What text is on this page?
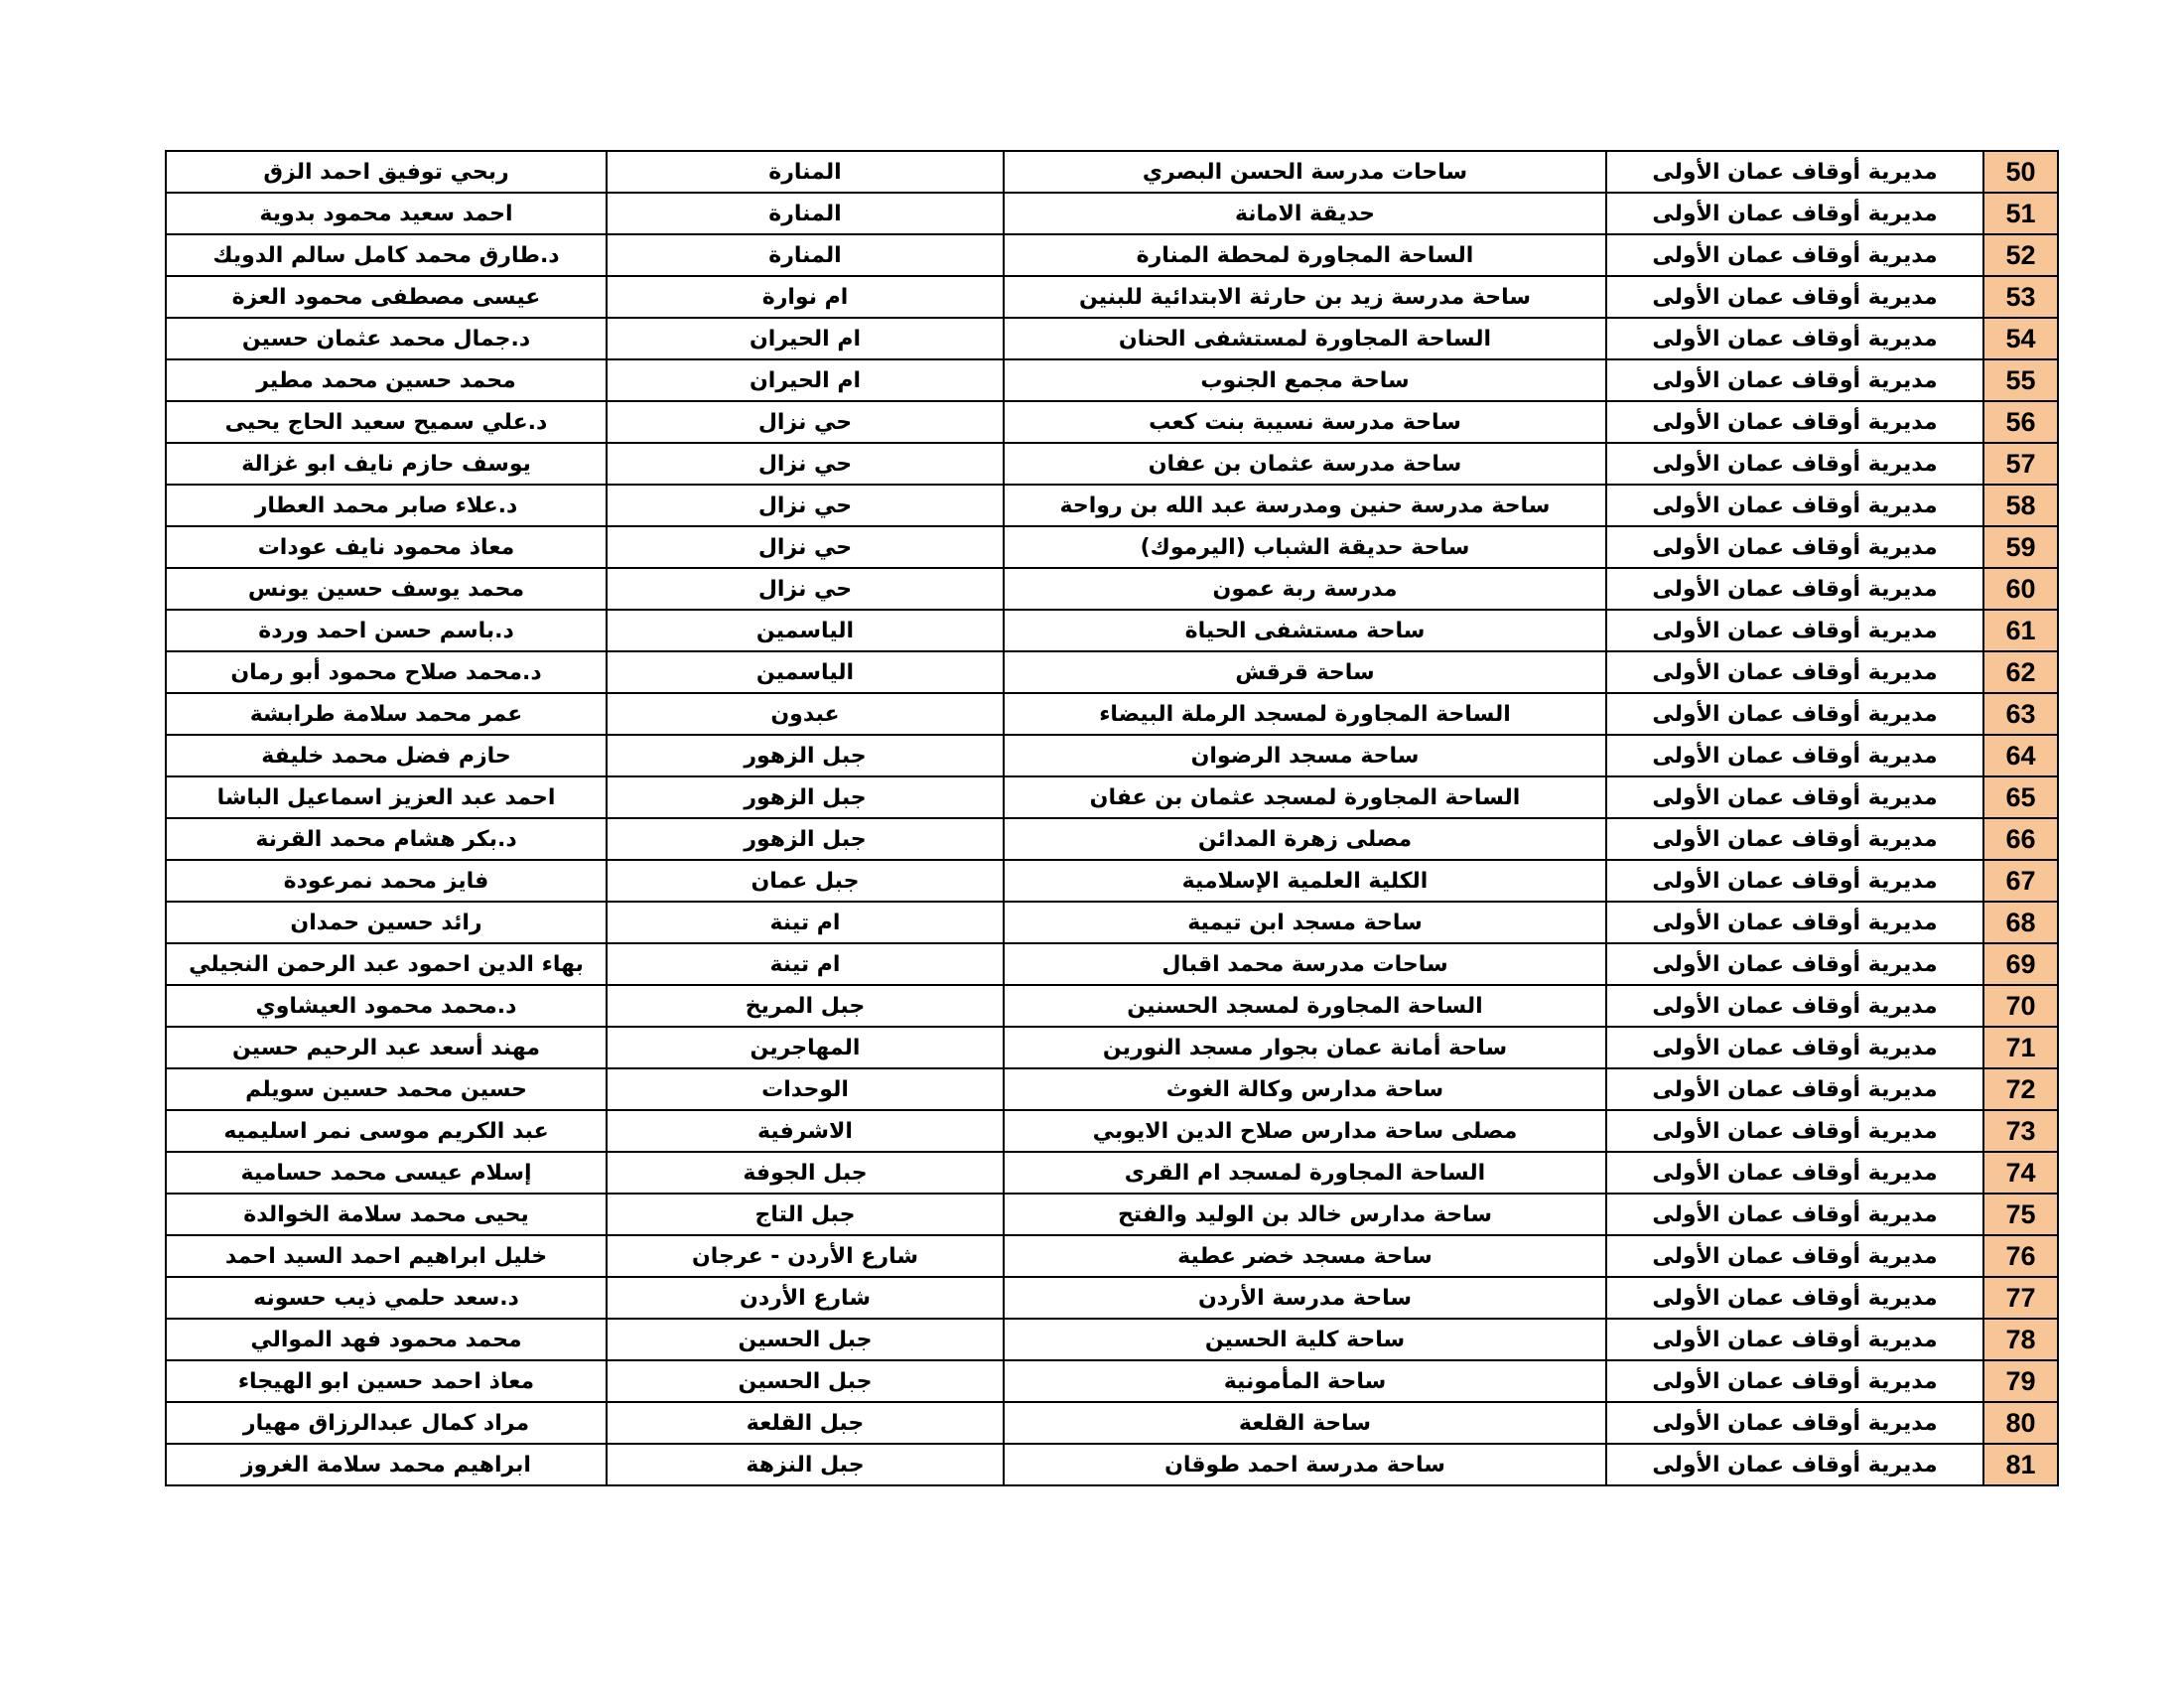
50	مديرية أوقاف عمان الأولى	ساحات مدرسة الحسن البصري	المنارة	ربحي توفيق احمد الزق
51	مديرية أوقاف عمان الأولى	حديقة الامانة	المنارة	احمد سعيد محمود بدوية
52	مديرية أوقاف عمان الأولى	الساحة المجاورة لمحطة المنارة	المنارة	د.طارق محمد كامل سالم الدويك
53	مديرية أوقاف عمان الأولى	ساحة مدرسة زيد بن حارثة الابتدائية للبنين	ام نوارة	عيسى مصطفى محمود العزة
54	مديرية أوقاف عمان الأولى	الساحة المجاورة لمستشفى الحنان	ام الحيران	د.جمال محمد عثمان حسين
55	مديرية أوقاف عمان الأولى	ساحة مجمع الجنوب	ام الحيران	محمد حسين محمد مطير
56	مديرية أوقاف عمان الأولى	ساحة مدرسة نسيبة بنت كعب	حي نزال	د.علي سميح سعيد الحاج يحيى
57	مديرية أوقاف عمان الأولى	ساحة مدرسة عثمان بن عفان	حي نزال	يوسف حازم نايف ابو غزالة
58	مديرية أوقاف عمان الأولى	ساحة مدرسة حنين ومدرسة عبد الله بن رواحة	حي نزال	د.علاء صابر محمد العطار
59	مديرية أوقاف عمان الأولى	ساحة حديقة الشباب (اليرموك)	حي نزال	معاذ محمود نايف عودات
60	مديرية أوقاف عمان الأولى	مدرسة ربة عمون	حي نزال	محمد يوسف حسين يونس
61	مديرية أوقاف عمان الأولى	ساحة مستشفى الحياة	الياسمين	د.باسم حسن احمد وردة
62	مديرية أوقاف عمان الأولى	ساحة قرقش	الياسمين	د.محمد صلاح محمود أبو رمان
63	مديرية أوقاف عمان الأولى	الساحة المجاورة لمسجد الرملة البيضاء	عبدون	عمر محمد سلامة طرابشة
64	مديرية أوقاف عمان الأولى	ساحة مسجد الرضوان	جبل الزهور	حازم فضل محمد خليفة
65	مديرية أوقاف عمان الأولى	الساحة المجاورة لمسجد عثمان بن عفان	جبل الزهور	احمد عبد العزيز اسماعيل الباشا
66	مديرية أوقاف عمان الأولى	مصلى زهرة المدائن	جبل الزهور	د.بكر هشام محمد القرنة
67	مديرية أوقاف عمان الأولى	الكلية العلمية الإسلامية	جبل عمان	فايز محمد نمرعودة
68	مديرية أوقاف عمان الأولى	ساحة مسجد ابن تيمية	ام تينة	رائد حسين حمدان
69	مديرية أوقاف عمان الأولى	ساحات مدرسة محمد اقبال	ام تينة	بهاء الدين احمود عبد الرحمن النجيلي
70	مديرية أوقاف عمان الأولى	الساحة المجاورة لمسجد الحسنين	جبل المريخ	د.محمد محمود العيشاوي
71	مديرية أوقاف عمان الأولى	ساحة أمانة عمان بجوار مسجد النورين	المهاجرين	مهند أسعد عبد الرحيم حسين
72	مديرية أوقاف عمان الأولى	ساحة مدارس وكالة الغوث	الوحدات	حسين محمد حسين سويلم
73	مديرية أوقاف عمان الأولى	مصلى ساحة مدارس صلاح الدين الايوبي	الاشرفية	عبد الكريم موسى نمر اسليميه
74	مديرية أوقاف عمان الأولى	الساحة المجاورة لمسجد ام القرى	جبل الجوفة	إسلام عيسى محمد حسامية
75	مديرية أوقاف عمان الأولى	ساحة مدارس خالد بن الوليد والفتح	جبل التاج	يحيى محمد سلامة الخوالدة
76	مديرية أوقاف عمان الأولى	ساحة مسجد خضر عطية	شارع الأردن - عرجان	خليل ابراهيم احمد السيد احمد
77	مديرية أوقاف عمان الأولى	ساحة مدرسة الأردن	شارع الأردن	د.سعد حلمي ذيب حسونه
78	مديرية أوقاف عمان الأولى	ساحة كلية الحسين	جبل الحسين	محمد محمود فهد الموالي
79	مديرية أوقاف عمان الأولى	ساحة المأمونية	جبل الحسين	معاذ احمد حسين ابو الهيجاء
80	مديرية أوقاف عمان الأولى	ساحة القلعة	جبل القلعة	مراد كمال عبدالرزاق مهيار
81	مديرية أوقاف عمان الأولى	ساحة مدرسة احمد طوقان	جبل النزهة	ابراهيم محمد سلامة الغروز
